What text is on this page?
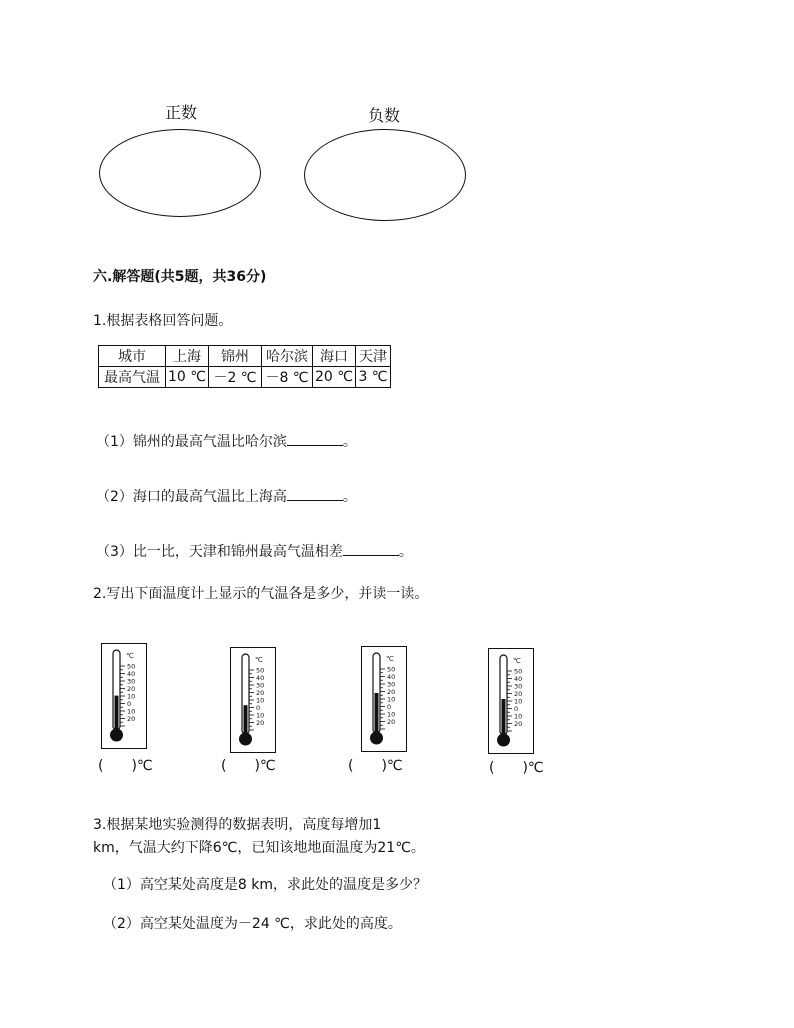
正数	负数
六.解答题(共5题，共36分)
1.根据表格回答问题。
城市	上海	锦州	哈尔滨	海口	天津
最高气温	10 ℃	－2 ℃	－8 ℃	20 ℃	3 ℃
（1）锦州的最高气温比哈尔滨	。
（2）海口的最高气温比上海高	。
（3）比一比，天津和锦州最高气温相差	。
2.写出下面温度计上显示的气温各是多少，并读一读。
℃
50
40
30
20
10
0
10
20
(　　)℃
℃
50
40
30
20
10
0
10
20
(　　)℃
℃
50
40
30
20
10
0
10
20
(　　)℃
℃
50
40
30
20
10
0
10
20
(　　)℃
3.根据某地实验测得的数据表明，高度每增加1
km，气温大约下降6℃，已知该地地面温度为21℃。
（1）高空某处高度是8 km，求此处的温度是多少？
（2）高空某处温度为－24 ℃，求此处的高度。
